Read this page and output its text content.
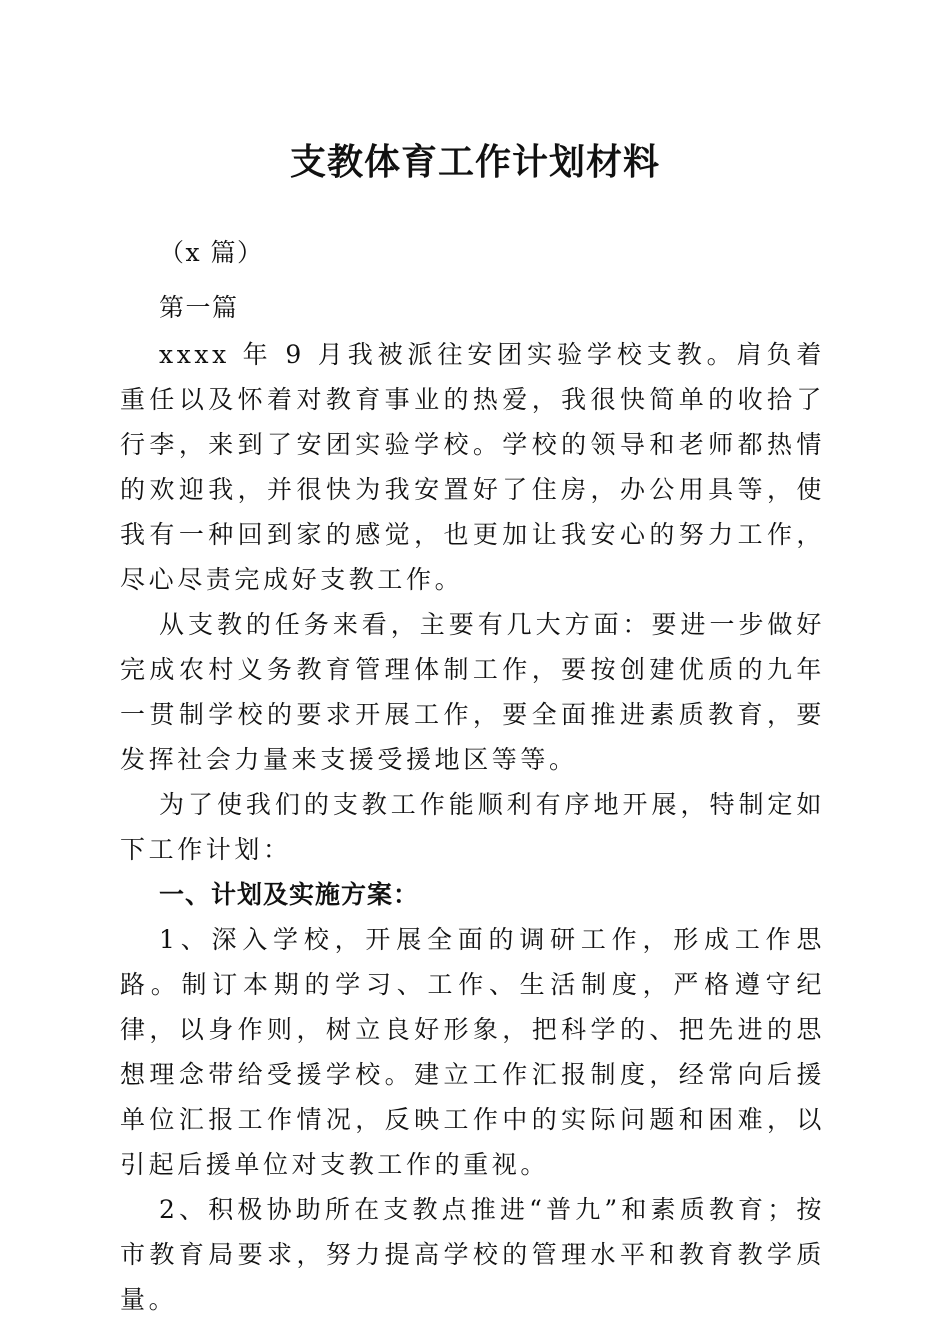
支教体育工作计划材料

（x 篇）

第一篇

xxxx 年 9 月我被派往安团实验学校支教。肩负着重任以及怀着对教育事业的热爱，我很快简单的收拾了行李，来到了安团实验学校。学校的领导和老师都热情的欢迎我，并很快为我安置好了住房，办公用具等，使我有一种回到家的感觉，也更加让我安心的努力工作，尽心尽责完成好支教工作。

从支教的任务来看，主要有几大方面：要进一步做好完成农村义务教育管理体制工作，要按创建优质的九年一贯制学校的要求开展工作，要全面推进素质教育，要发挥社会力量来支援受援地区等等。

为了使我们的支教工作能顺利有序地开展，特制定如下工作计划：

一、计划及实施方案：

1、深入学校，开展全面的调研工作，形成工作思路。制订本期的学习、工作、生活制度，严格遵守纪律，以身作则，树立良好形象，把科学的、把先进的思想理念带给受援学校。建立工作汇报制度，经常向后援单位汇报工作情况，反映工作中的实际问题和困难，以引起后援单位对支教工作的重视。

2、积极协助所在支教点推进“普九”和素质教育；按市教育局要求，努力提高学校的管理水平和教育教学质量。
